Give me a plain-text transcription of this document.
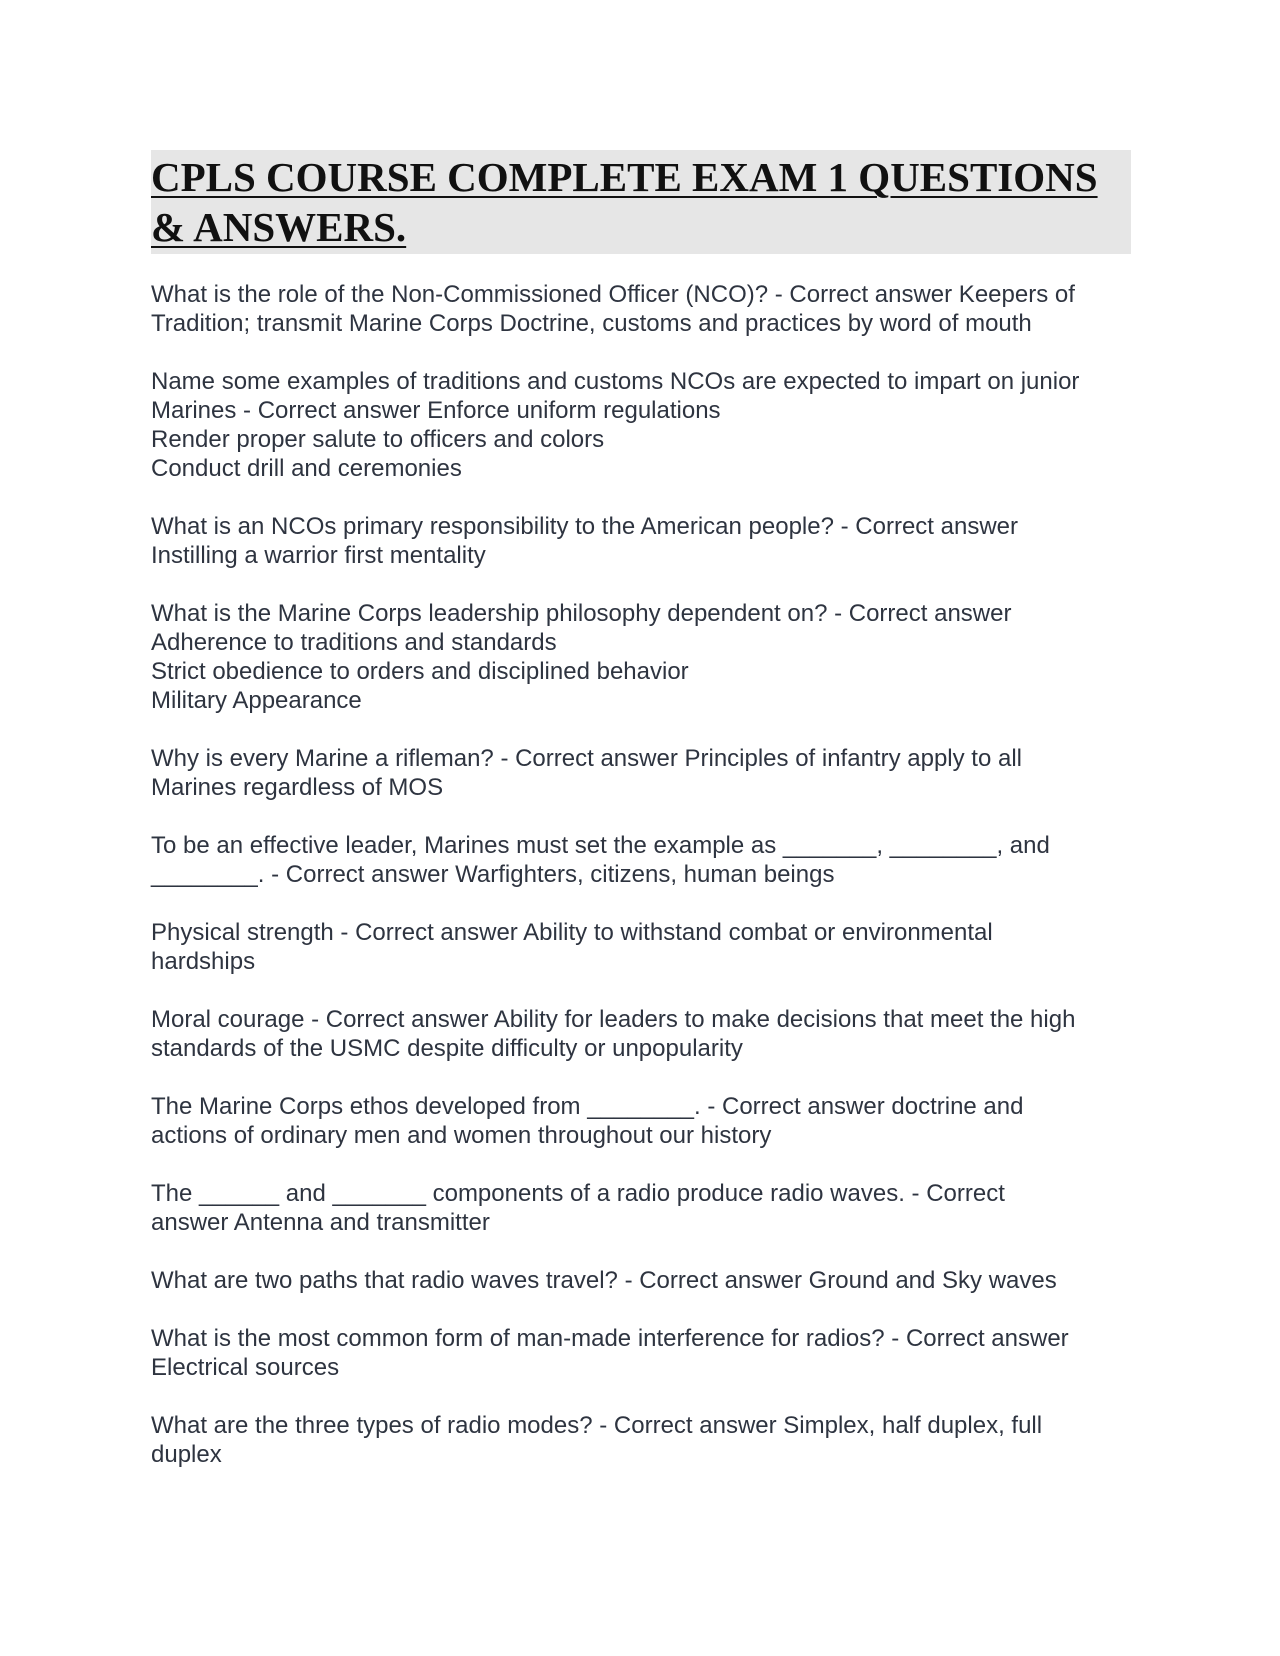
CPLS COURSE COMPLETE EXAM 1 QUESTIONS
& ANSWERS.

What is the role of the Non-Commissioned Officer (NCO)? - Correct answer Keepers of
Tradition; transmit Marine Corps Doctrine, customs and practices by word of mouth

Name some examples of traditions and customs NCOs are expected to impart on junior
Marines - Correct answer Enforce uniform regulations
Render proper salute to officers and colors
Conduct drill and ceremonies

What is an NCOs primary responsibility to the American people? - Correct answer
Instilling a warrior first mentality

What is the Marine Corps leadership philosophy dependent on? - Correct answer
Adherence to traditions and standards
Strict obedience to orders and disciplined behavior
Military Appearance

Why is every Marine a rifleman? - Correct answer Principles of infantry apply to all
Marines regardless of MOS

To be an effective leader, Marines must set the example as _______, ________, and
________. - Correct answer Warfighters, citizens, human beings

Physical strength - Correct answer Ability to withstand combat or environmental
hardships

Moral courage - Correct answer Ability for leaders to make decisions that meet the high
standards of the USMC despite difficulty or unpopularity

The Marine Corps ethos developed from ________. - Correct answer doctrine and
actions of ordinary men and women throughout our history

The ______ and _______ components of a radio produce radio waves. - Correct
answer Antenna and transmitter

What are two paths that radio waves travel? - Correct answer Ground and Sky waves

What is the most common form of man-made interference for radios? - Correct answer
Electrical sources

What are the three types of radio modes? - Correct answer Simplex, half duplex, full
duplex
